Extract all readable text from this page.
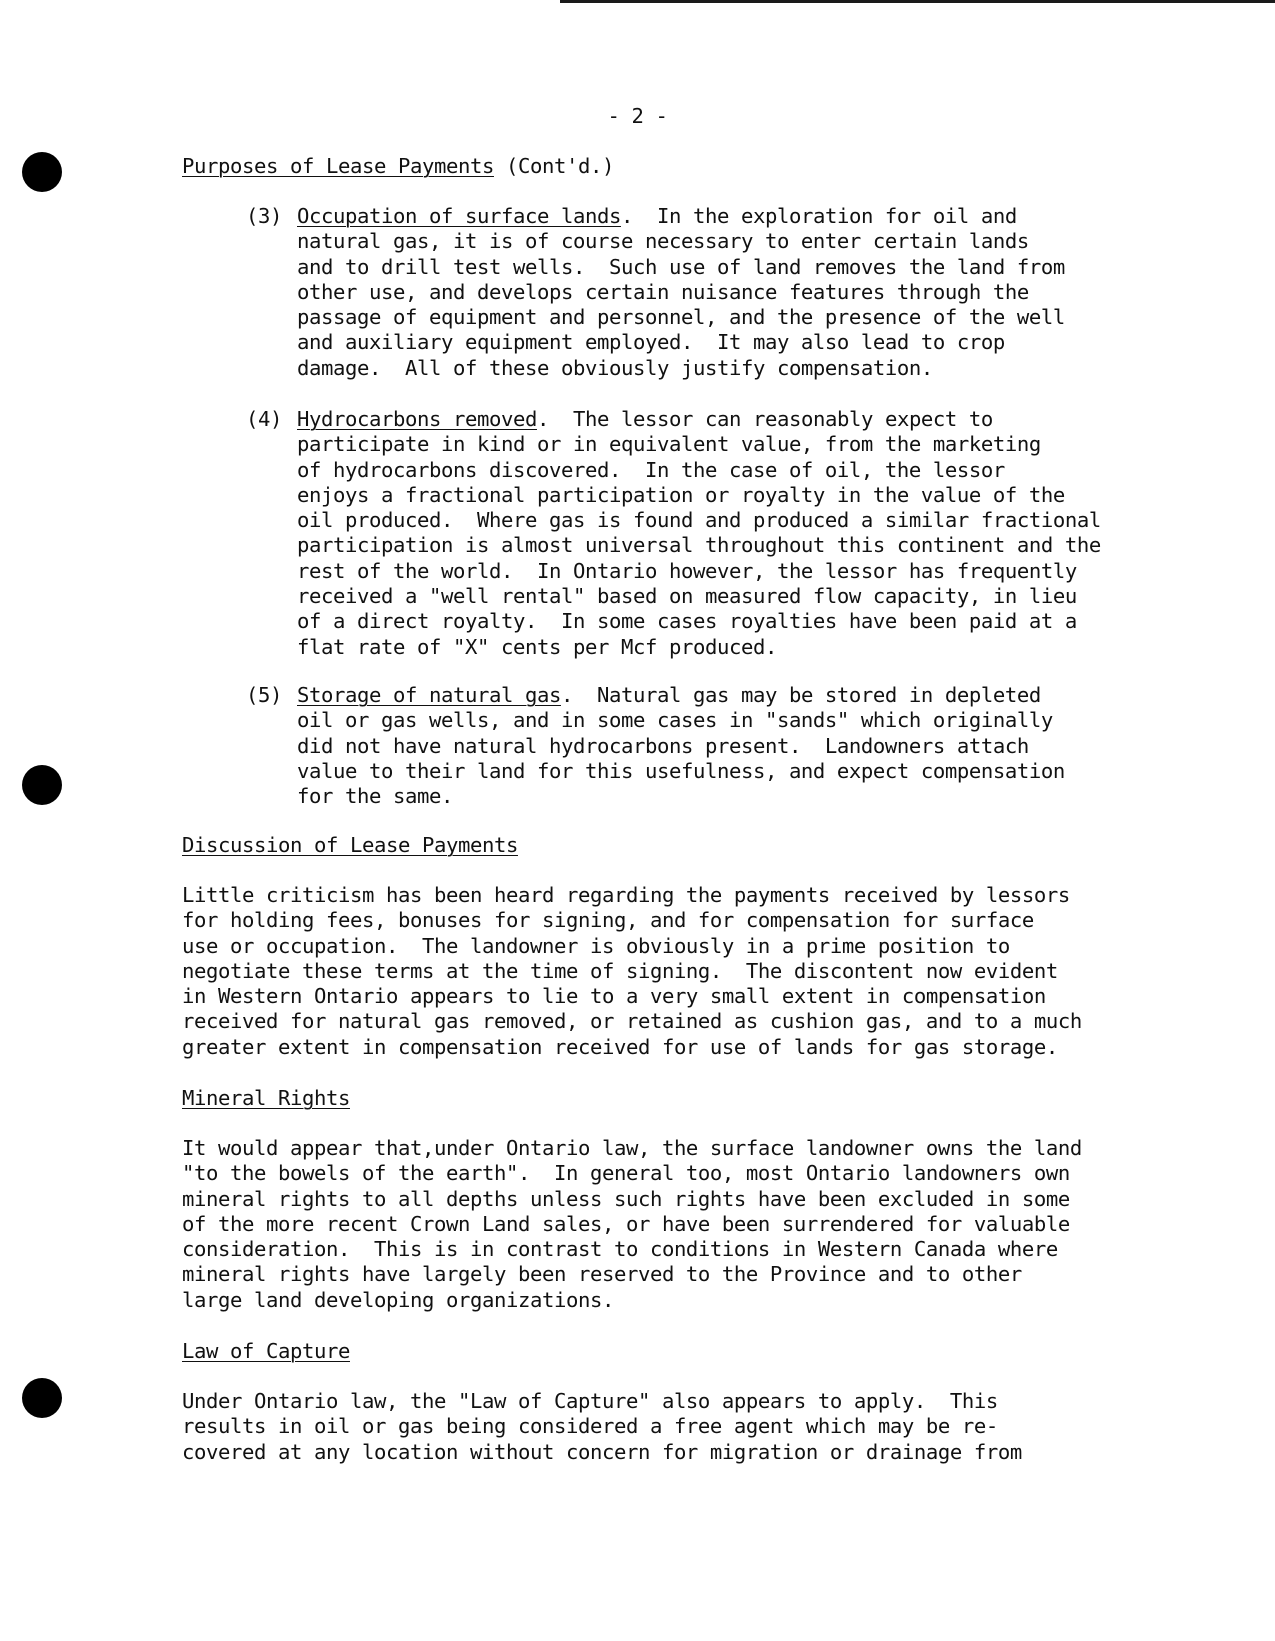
- 2 -
Purposes of Lease Payments (Cont'd.)
(3) Occupation of surface lands.  In the exploration for oil and
natural gas, it is of course necessary to enter certain lands
and to drill test wells.  Such use of land removes the land from
other use, and develops certain nuisance features through the
passage of equipment and personnel, and the presence of the well
and auxiliary equipment employed.  It may also lead to crop
damage.  All of these obviously justify compensation.
(4) Hydrocarbons removed.  The lessor can reasonably expect to
participate in kind or in equivalent value, from the marketing
of hydrocarbons discovered.  In the case of oil, the lessor
enjoys a fractional participation or royalty in the value of the
oil produced.  Where gas is found and produced a similar fractional
participation is almost universal throughout this continent and the
rest of the world.  In Ontario however, the lessor has frequently
received a "well rental" based on measured flow capacity, in lieu
of a direct royalty.  In some cases royalties have been paid at a
flat rate of "X" cents per Mcf produced.
(5) Storage of natural gas.  Natural gas may be stored in depleted
oil or gas wells, and in some cases in "sands" which originally
did not have natural hydrocarbons present.  Landowners attach
value to their land for this usefulness, and expect compensation
for the same.
Discussion of Lease Payments
Little criticism has been heard regarding the payments received by lessors
for holding fees, bonuses for signing, and for compensation for surface
use or occupation.  The landowner is obviously in a prime position to
negotiate these terms at the time of signing.  The discontent now evident
in Western Ontario appears to lie to a very small extent in compensation
received for natural gas removed, or retained as cushion gas, and to a much
greater extent in compensation received for use of lands for gas storage.
Mineral Rights
It would appear that,under Ontario law, the surface landowner owns the land
"to the bowels of the earth".  In general too, most Ontario landowners own
mineral rights to all depths unless such rights have been excluded in some
of the more recent Crown Land sales, or have been surrendered for valuable
consideration.  This is in contrast to conditions in Western Canada where
mineral rights have largely been reserved to the Province and to other
large land developing organizations.
Law of Capture
Under Ontario law, the "Law of Capture" also appears to apply.  This
results in oil or gas being considered a free agent which may be re-
covered at any location without concern for migration or drainage from
